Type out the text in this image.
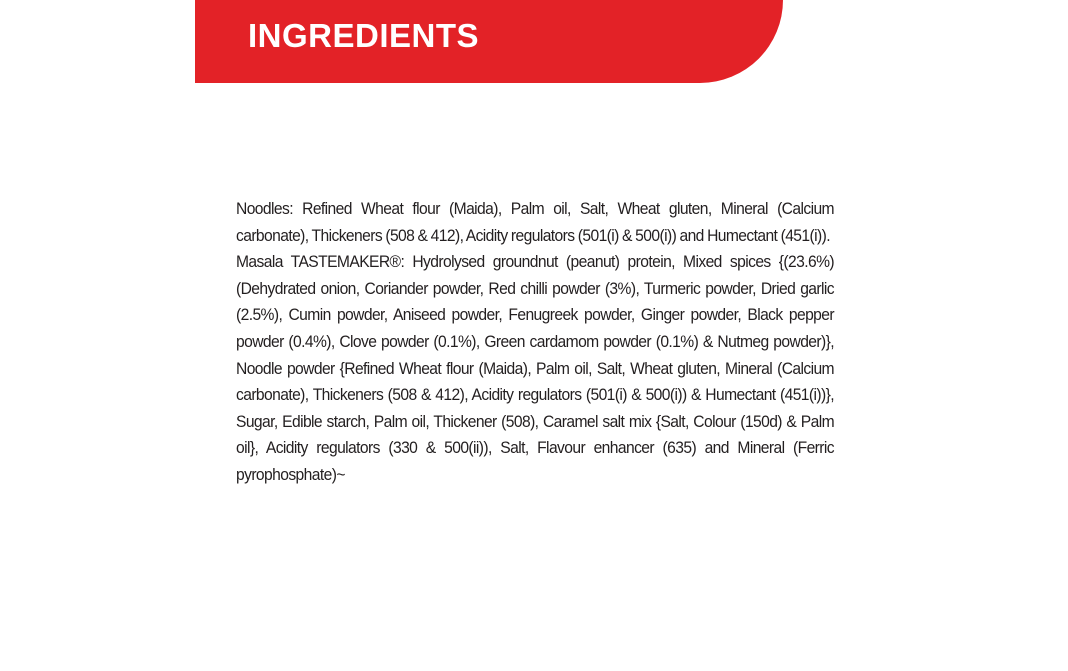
INGREDIENTS

Noodles: Refined Wheat flour (Maida), Palm oil, Salt, Wheat gluten, Mineral (Calcium carbonate), Thickeners (508 & 412), Acidity regulators (501(i) & 500(i)) and Humectant (451(i)).

Masala TASTEMAKER®: Hydrolysed groundnut (peanut) protein, Mixed spices {(23.6%) (Dehydrated onion, Coriander powder, Red chilli powder (3%), Turmeric powder, Dried garlic (2.5%), Cumin powder, Aniseed powder, Fenugreek powder, Ginger powder, Black pepper powder (0.4%), Clove powder (0.1%), Green cardamom powder (0.1%) & Nutmeg powder)}, Noodle powder {Refined Wheat flour (Maida), Palm oil, Salt, Wheat gluten, Mineral (Calcium carbonate), Thickeners (508 & 412), Acidity regulators (501(i) & 500(i)) & Humectant (451(i))}, Sugar, Edible starch, Palm oil, Thickener (508), Caramel salt mix {Salt, Colour (150d) & Palm oil}, Acidity regulators (330 & 500(ii)), Salt, Flavour enhancer (635) and Mineral (Ferric pyrophosphate)~
